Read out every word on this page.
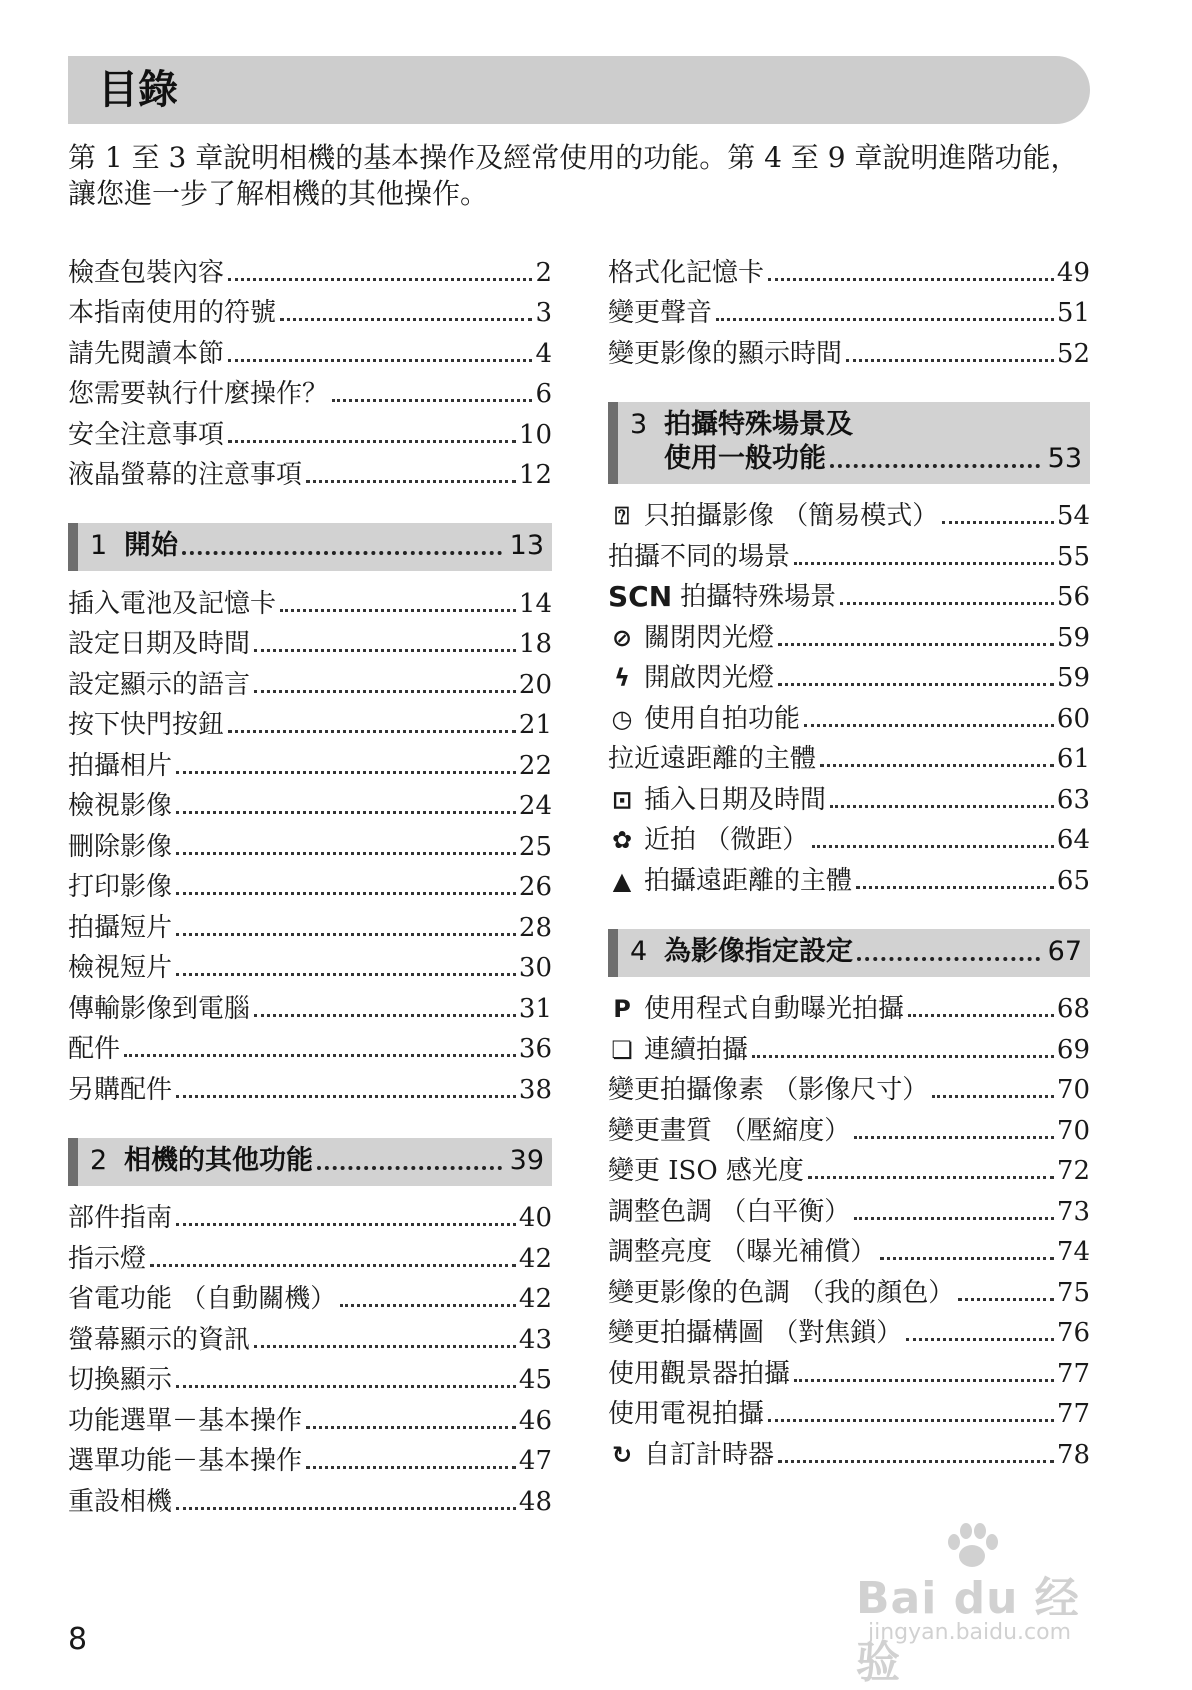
目錄

第 1 至 3 章說明相機的基本操作及經常使用的功能。第 4 至 9 章說明進階功能，讓您進一步了解相機的其他操作。

檢查包裝內容	2
本指南使用的符號	3
請先閱讀本節	4
您需要執行什麼操作？	6
安全注意事項	10
液晶螢幕的注意事項	12
1 開始	13
插入電池及記憶卡	14
設定日期及時間	18
設定顯示的語言	20
按下快門按鈕	21
拍攝相片	22
檢視影像	24
刪除影像	25
打印影像	26
拍攝短片	28
檢視短片	30
傳輸影像到電腦	31
配件	36
另購配件	38
2 相機的其他功能	39
部件指南	40
指示燈	42
省電功能 （自動關機）	42
螢幕顯示的資訊	43
切換顯示	45
功能選單－基本操作	46
選單功能－基本操作	47
重設相機	48
格式化記憶卡	49
變更聲音	51
變更影像的顯示時間	52
3 拍攝特殊場景及
使用一般功能	53
⍰ 只拍攝影像 （簡易模式）	54
拍攝不同的場景	55
SCN 拍攝特殊場景	56
⊘ 關閉閃光燈	59
ϟ 開啟閃光燈	59
◷ 使用自拍功能	60
拉近遠距離的主體	61
⊡ 插入日期及時間	63
✿ 近拍 （微距）	64
▲ 拍攝遠距離的主體	65
4 為影像指定設定	67
P 使用程式自動曝光拍攝	68
❏ 連續拍攝	69
變更拍攝像素 （影像尺寸）	70
變更畫質 （壓縮度）	70
變更 ISO 感光度	72
調整色調 （白平衡）	73
調整亮度 （曝光補償）	74
變更影像的色調 （我的顏色）	75
變更拍攝構圖 （對焦鎖）	76
使用觀景器拍攝	77
使用電視拍攝	77
↻ 自訂計時器	78
8
Bai du 经验
jingyan.baidu.com
